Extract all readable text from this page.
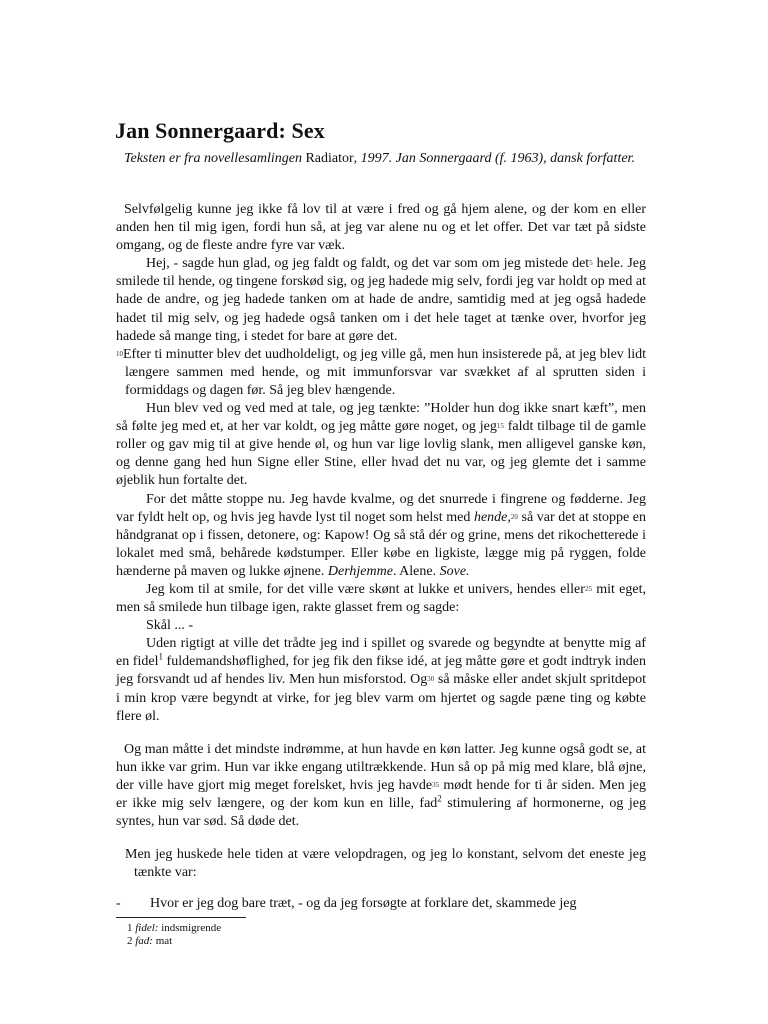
Jan Sonnergaard: Sex

Teksten er fra novellesamlingen Radiator, 1997. Jan Sonnergaard (f. 1963), dansk forfatter.

Selvfølgelig kunne jeg ikke få lov til at være i fred og gå hjem alene, og der kom en eller anden hen til mig igen, fordi hun så, at jeg var alene nu og et let offer. Det var tæt på sidste omgang, og de fleste andre fyre var væk.

Hej, - sagde hun glad, og jeg faldt og faldt, og det var som om jeg mistede det5 hele. Jeg smilede til hende, og tingene forskød sig, og jeg hadede mig selv, fordi jeg var holdt op med at hade de andre, og jeg hadede tanken om at hade de andre, samtidig med at jeg også hadede hadet til mig selv, og jeg hadede også tanken om i det hele taget at tænke over, hvorfor jeg hadede så mange ting, i stedet for bare at gøre det.

10Efter ti minutter blev det uudholdeligt, og jeg ville gå, men hun insisterede på, at jeg blev lidt længere sammen med hende, og mit immunforsvar var svækket af al sprutten siden i formiddags og dagen før. Så jeg blev hængende.

Hun blev ved og ved med at tale, og jeg tænkte: ”Holder hun dog ikke snart kæft”, men så følte jeg med et, at her var koldt, og jeg måtte gøre noget, og jeg15 faldt tilbage til de gamle roller og gav mig til at give hende øl, og hun var lige lovlig slank, men alligevel ganske køn, og denne gang hed hun Signe eller Stine, eller hvad det nu var, og jeg glemte det i samme øjeblik hun fortalte det.

For det måtte stoppe nu. Jeg havde kvalme, og det snurrede i fingrene og fødderne. Jeg var fyldt helt op, og hvis jeg havde lyst til noget som helst med hende,20 så var det at stoppe en håndgranat op i fissen, detonere, og: Kapow! Og så stå dér og grine, mens det rikochetterede i lokalet med små, behårede kødstumper. Eller købe en ligkiste, lægge mig på ryggen, folde hænderne på maven og lukke øjnene. Derhjemme. Alene. Sove.

Jeg kom til at smile, for det ville være skønt at lukke et univers, hendes eller25 mit eget, men så smilede hun tilbage igen, rakte glasset frem og sagde:

Skål ... -

Uden rigtigt at ville det trådte jeg ind i spillet og svarede og begyndte at benytte mig af en fidel$^1$ fuldemandshøflighed, for jeg fik den fikse idé, at jeg måtte gøre et godt indtryk inden jeg forsvandt ud af hendes liv. Men hun misforstod. Og30 så måske eller andet skjult spritdepot i min krop være begyndt at virke, for jeg blev varm om hjertet og sagde pæne ting og købte flere øl.

Og man måtte i det mindste indrømme, at hun havde en køn latter. Jeg kunne også godt se, at hun ikke var grim. Hun var ikke engang utiltrækkende. Hun så op på mig med klare, blå øjne, der ville have gjort mig meget forelsket, hvis jeg havde35 mødt hende for ti år siden. Men jeg er ikke mig selv længere, og der kom kun en lille, fad$^2$ stimulering af hormonerne, og jeg syntes, hun var sød. Så døde det.

Men jeg huskede hele tiden at være velopdragen, og jeg lo konstant, selvom det eneste jeg tænkte var:

- Hvor er jeg dog bare træt, - og da jeg forsøgte at forklare det, skammede jeg

1 fidel: indsmigrende
2 fad: mat
